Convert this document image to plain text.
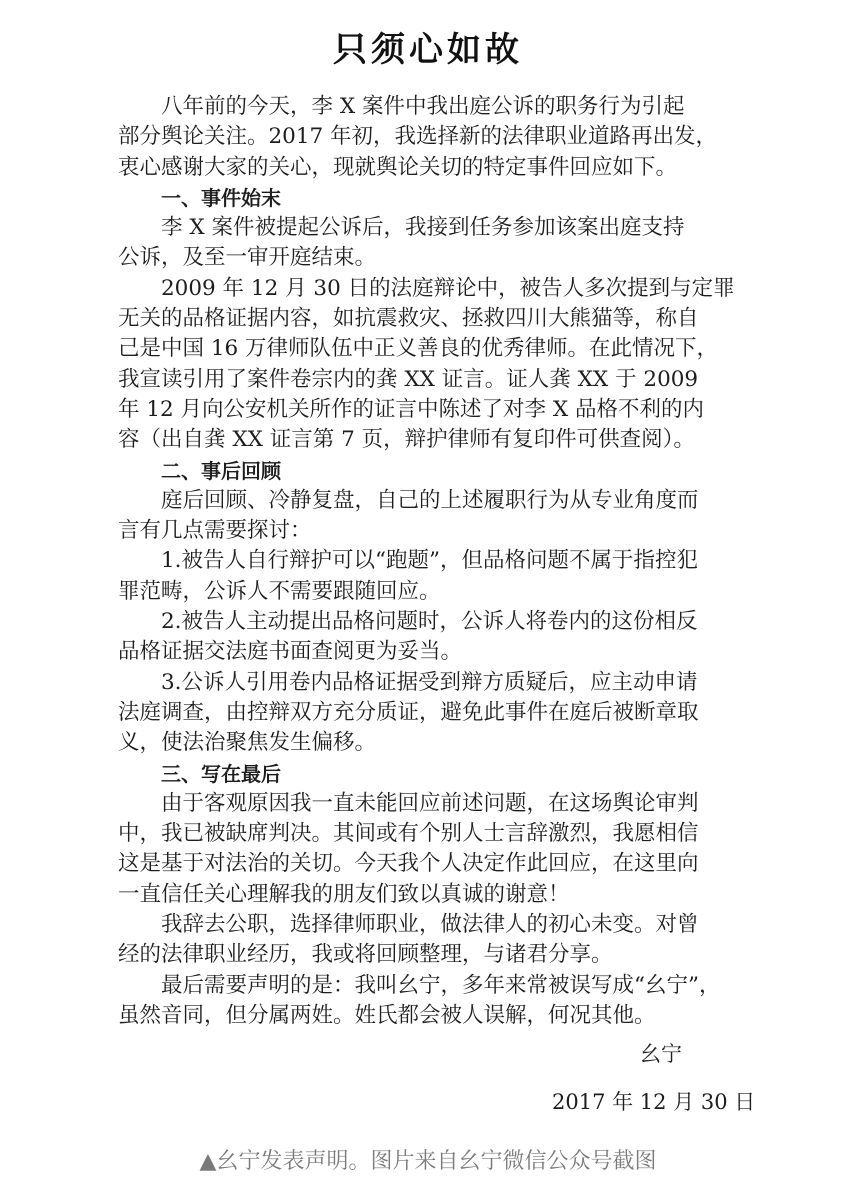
只须心如故
八年前的今天，李 X 案件中我出庭公诉的职务行为引起
部分舆论关注。2017 年初，我选择新的法律职业道路再出发，
衷心感谢大家的关心，现就舆论关切的特定事件回应如下。
一、事件始末
李 X 案件被提起公诉后，我接到任务参加该案出庭支持
公诉，及至一审开庭结束。
2009 年 12 月 30 日的法庭辩论中，被告人多次提到与定罪
无关的品格证据内容，如抗震救灾、拯救四川大熊猫等，称自
己是中国 16 万律师队伍中正义善良的优秀律师。在此情况下，
我宣读引用了案件卷宗内的龚 XX 证言。证人龚 XX 于 2009
年 12 月向公安机关所作的证言中陈述了对李 X 品格不利的内
容（出自龚 XX 证言第 7 页，辩护律师有复印件可供查阅）。
二、事后回顾
庭后回顾、冷静复盘，自己的上述履职行为从专业角度而
言有几点需要探讨：
1.被告人自行辩护可以“跑题”，但品格问题不属于指控犯
罪范畴，公诉人不需要跟随回应。
2.被告人主动提出品格问题时，公诉人将卷内的这份相反
品格证据交法庭书面查阅更为妥当。
3.公诉人引用卷内品格证据受到辩方质疑后，应主动申请
法庭调查，由控辩双方充分质证，避免此事件在庭后被断章取
义，使法治聚焦发生偏移。
三、写在最后
由于客观原因我一直未能回应前述问题，在这场舆论审判
中，我已被缺席判决。其间或有个别人士言辞激烈，我愿相信
这是基于对法治的关切。今天我个人决定作此回应，在这里向
一直信任关心理解我的朋友们致以真诚的谢意！
我辞去公职，选择律师职业，做法律人的初心未变。对曾
经的法律职业经历，我或将回顾整理，与诸君分享。
最后需要声明的是：我叫幺宁，多年来常被误写成“幺宁”，
虽然音同，但分属两姓。姓氏都会被人误解，何况其他。
幺宁
2017 年 12 月 30 日
▲幺宁发表声明。图片来自幺宁微信公众号截图
